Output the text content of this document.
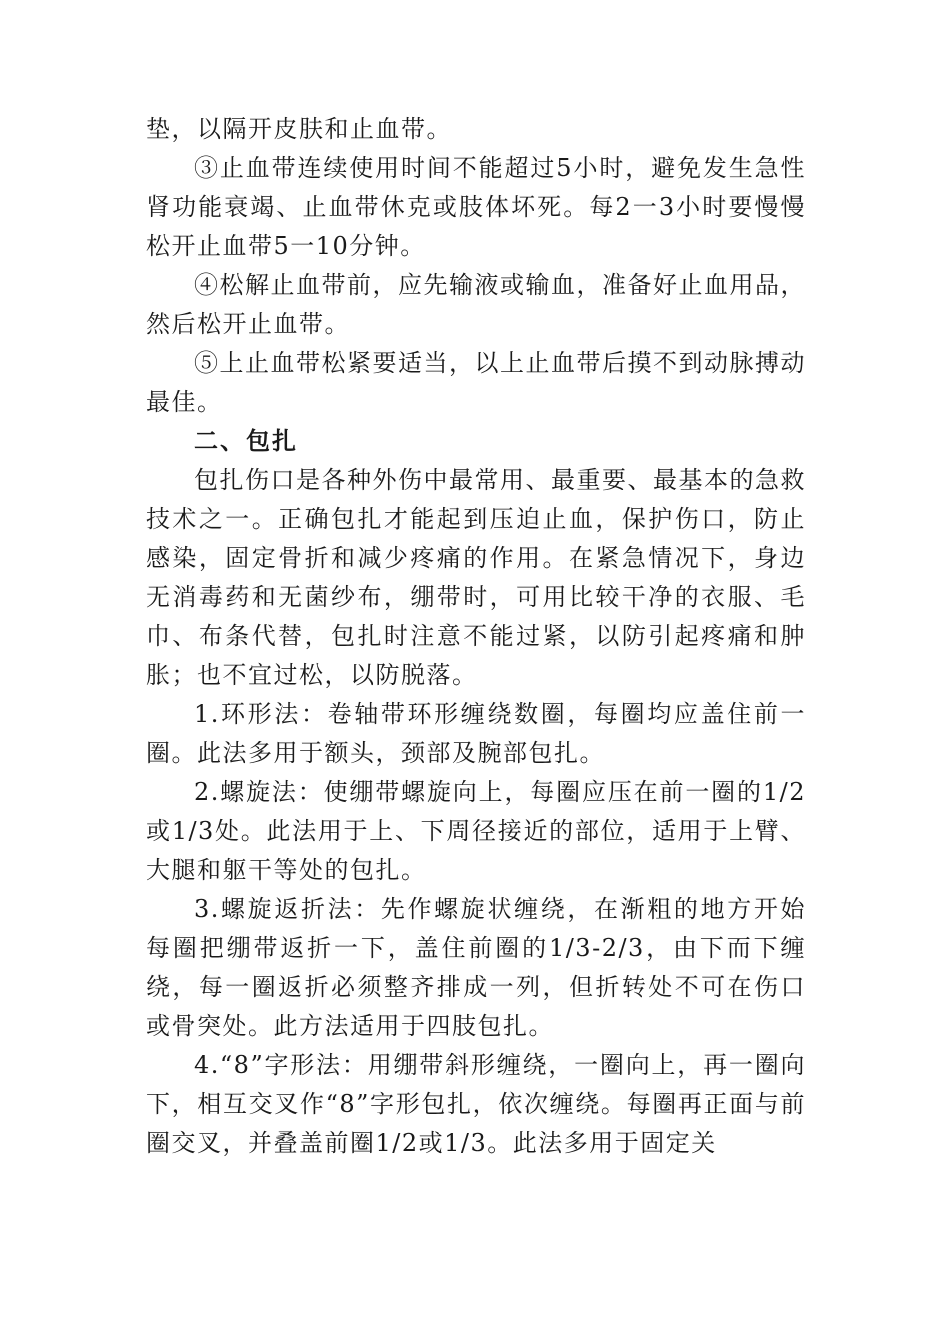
垫，以隔开皮肤和止血带。

③止血带连续使用时间不能超过5小时，避免发生急性肾功能衰竭、止血带休克或肢体坏死。每2一3小时要慢慢松开止血带5一10分钟。

④松解止血带前，应先输液或输血，准备好止血用品，然后松开止血带。

⑤上止血带松紧要适当，以上止血带后摸不到动脉搏动最佳。

二、包扎

包扎伤口是各种外伤中最常用、最重要、最基本的急救技术之一。正确包扎才能起到压迫止血，保护伤口，防止感染，固定骨折和减少疼痛的作用。在紧急情况下，身边无消毒药和无菌纱布，绷带时，可用比较干净的衣服、毛巾、布条代替，包扎时注意不能过紧，以防引起疼痛和肿胀；也不宜过松，以防脱落。

1.环形法：卷轴带环形缠绕数圈，每圈均应盖住前一圈。此法多用于额头，颈部及腕部包扎。

2.螺旋法：使绷带螺旋向上，每圈应压在前一圈的1/2或1/3处。此法用于上、下周径接近的部位，适用于上臂、大腿和躯干等处的包扎。

3.螺旋返折法：先作螺旋状缠绕，在渐粗的地方开始每圈把绷带返折一下，盖住前圈的1/3-2/3，由下而下缠绕，每一圈返折必须整齐排成一列，但折转处不可在伤口或骨突处。此方法适用于四肢包扎。

4.“8”字形法：用绷带斜形缠绕，一圈向上，再一圈向下，相互交叉作“8”字形包扎，依次缠绕。每圈再正面与前圈交叉，并叠盖前圈1/2或1/3。此法多用于固定关
